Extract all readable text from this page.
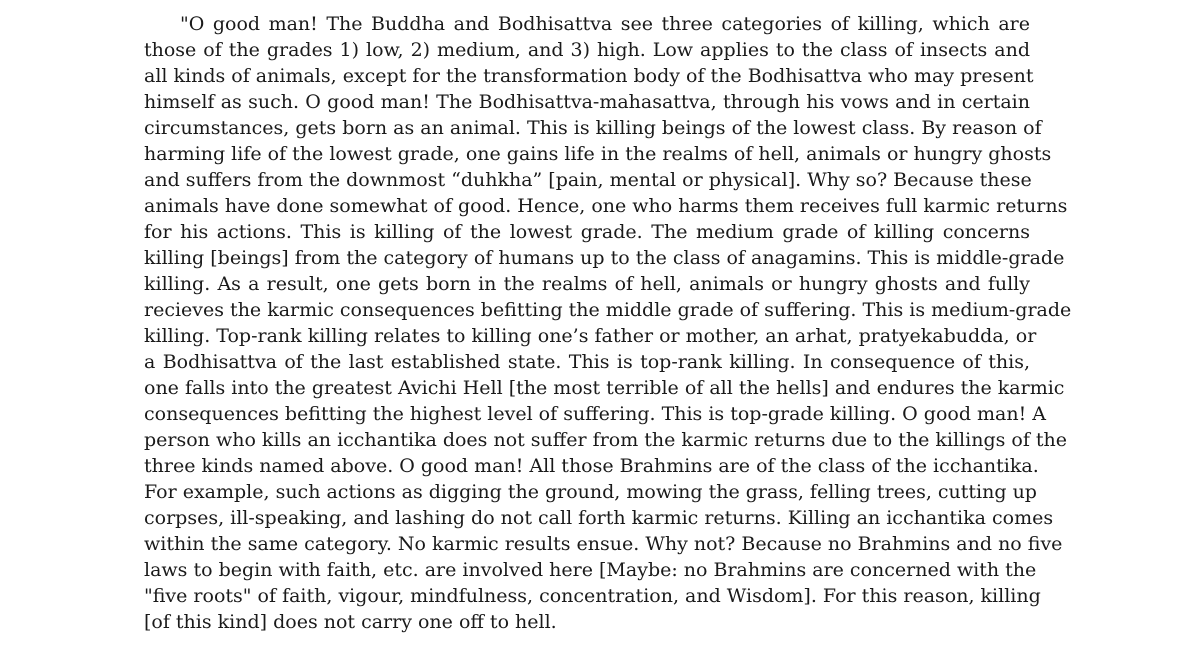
"O good man! The Buddha and Bodhisattva see three categories of killing, which are
those of the grades 1) low, 2) medium, and 3) high. Low applies to the class of insects and
all kinds of animals, except for the transformation body of the Bodhisattva who may present
himself as such. O good man! The Bodhisattva-mahasattva, through his vows and in certain
circumstances, gets born as an animal. This is killing beings of the lowest class. By reason of
harming life of the lowest grade, one gains life in the realms of hell, animals or hungry ghosts
and suffers from the downmost “duhkha” [pain, mental or physical]. Why so? Because these
animals have done somewhat of good. Hence, one who harms them receives full karmic returns
for his actions. This is killing of the lowest grade. The medium grade of killing concerns
killing [beings] from the category of humans up to the class of anagamins. This is middle-grade
killing. As a result, one gets born in the realms of hell, animals or hungry ghosts and fully
recieves the karmic consequences befitting the middle grade of suffering. This is medium-grade
killing. Top-rank killing relates to killing one’s father or mother, an arhat, pratyekabudda, or
a Bodhisattva of the last established state. This is top-rank killing. In consequence of this,
one falls into the greatest Avichi Hell [the most terrible of all the hells] and endures the karmic
consequences befitting the highest level of suffering. This is top-grade killing. O good man! A
person who kills an icchantika does not suffer from the karmic returns due to the killings of the
three kinds named above. O good man! All those Brahmins are of the class of the icchantika.
For example, such actions as digging the ground, mowing the grass, felling trees, cutting up
corpses, ill-speaking, and lashing do not call forth karmic returns. Killing an icchantika comes
within the same category. No karmic results ensue. Why not? Because no Brahmins and no five
laws to begin with faith, etc. are involved here [Maybe: no Brahmins are concerned with the
"five roots" of faith, vigour, mindfulness, concentration, and Wisdom]. For this reason, killing
[of this kind] does not carry one off to hell.
